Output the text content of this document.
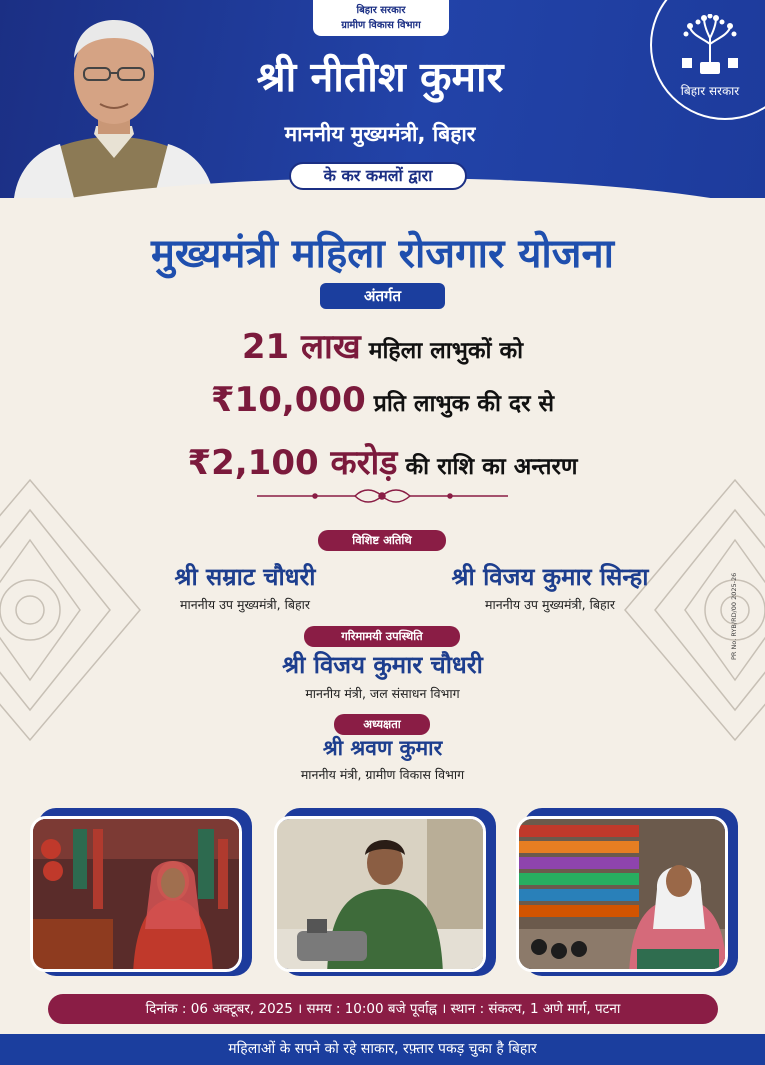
बिहार सरकार
बिहार सरकार
ग्रामीण विकास विभाग
श्री नीतीश कुमार
माननीय मुख्यमंत्री, बिहार
के कर कमलों द्वारा
मुख्यमंत्री महिला रोजगार योजना
अंतर्गत
21 लाख महिला लाभुकों को
₹10,000 प्रति लाभुक की दर से
₹2,100 करोड़ की राशि का अन्तरण
विशिष्ट अतिथि
श्री सम्राट चौधरी
माननीय उप मुख्यमंत्री, बिहार
श्री विजय कुमार सिन्हा
माननीय उप मुख्यमंत्री, बिहार	PR No. RYB/RD/00 2025-26
गरिमामयी उपस्थिति
श्री विजय कुमार चौधरी
माननीय मंत्री, जल संसाधन विभाग
अध्यक्षता
श्री श्रवण कुमार
माननीय मंत्री, ग्रामीण विकास विभाग
दिनांक : 06 अक्टूबर, 2025 । समय : 10:00 बजे पूर्वाह्न । स्थान : संकल्प, 1 अणे मार्ग, पटना
महिलाओं के सपने को रहे साकार, रफ़्तार पकड़ चुका है बिहार
